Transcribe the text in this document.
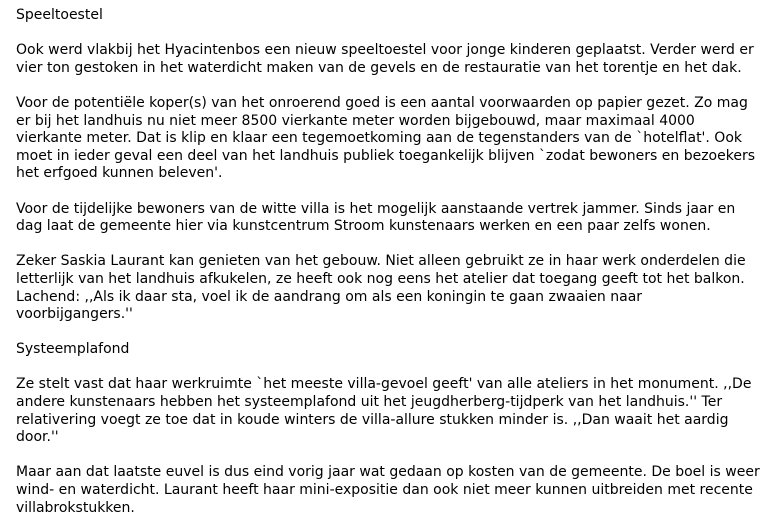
Speeltoestel

Ook werd vlakbij het Hyacintenbos een nieuw speeltoestel voor jonge kinderen geplaatst. Verder werd er vier ton gestoken in het waterdicht maken van de gevels en de restauratie van het torentje en het dak.

Voor de potentiële koper(s) van het onroerend goed is een aantal voorwaarden op papier gezet. Zo mag er bij het landhuis nu niet meer 8500 vierkante meter worden bijgebouwd, maar maximaal 4000 vierkante meter. Dat is klip en klaar een tegemoetkoming aan de tegenstanders van de `hotelflat'. Ook moet in ieder geval een deel van het landhuis publiek toegankelijk blijven `zodat bewoners en bezoekers het erfgoed kunnen beleven'.

Voor de tijdelijke bewoners van de witte villa is het mogelijk aanstaande vertrek jammer. Sinds jaar en dag laat de gemeente hier via kunstcentrum Stroom kunstenaars werken en een paar zelfs wonen.

Zeker Saskia Laurant kan genieten van het gebouw. Niet alleen gebruikt ze in haar werk onderdelen die letterlijk van het landhuis afkukelen, ze heeft ook nog eens het atelier dat toegang geeft tot het balkon. Lachend: ,,Als ik daar sta, voel ik de aandrang om als een koningin te gaan zwaaien naar voorbijgangers.''

Systeemplafond

Ze stelt vast dat haar werkruimte `het meeste villa-gevoel geeft' van alle ateliers in het monument. ,,De andere kunstenaars hebben het systeemplafond uit het jeugdherberg-tijdperk van het landhuis.'' Ter relativering voegt ze toe dat in koude winters de villa-allure stukken minder is. ,,Dan waait het aardig door.''

Maar aan dat laatste euvel is dus eind vorig jaar wat gedaan op kosten van de gemeente. De boel is weer wind- en waterdicht. Laurant heeft haar mini-expositie dan ook niet meer kunnen uitbreiden met recente villabrokstukken.
